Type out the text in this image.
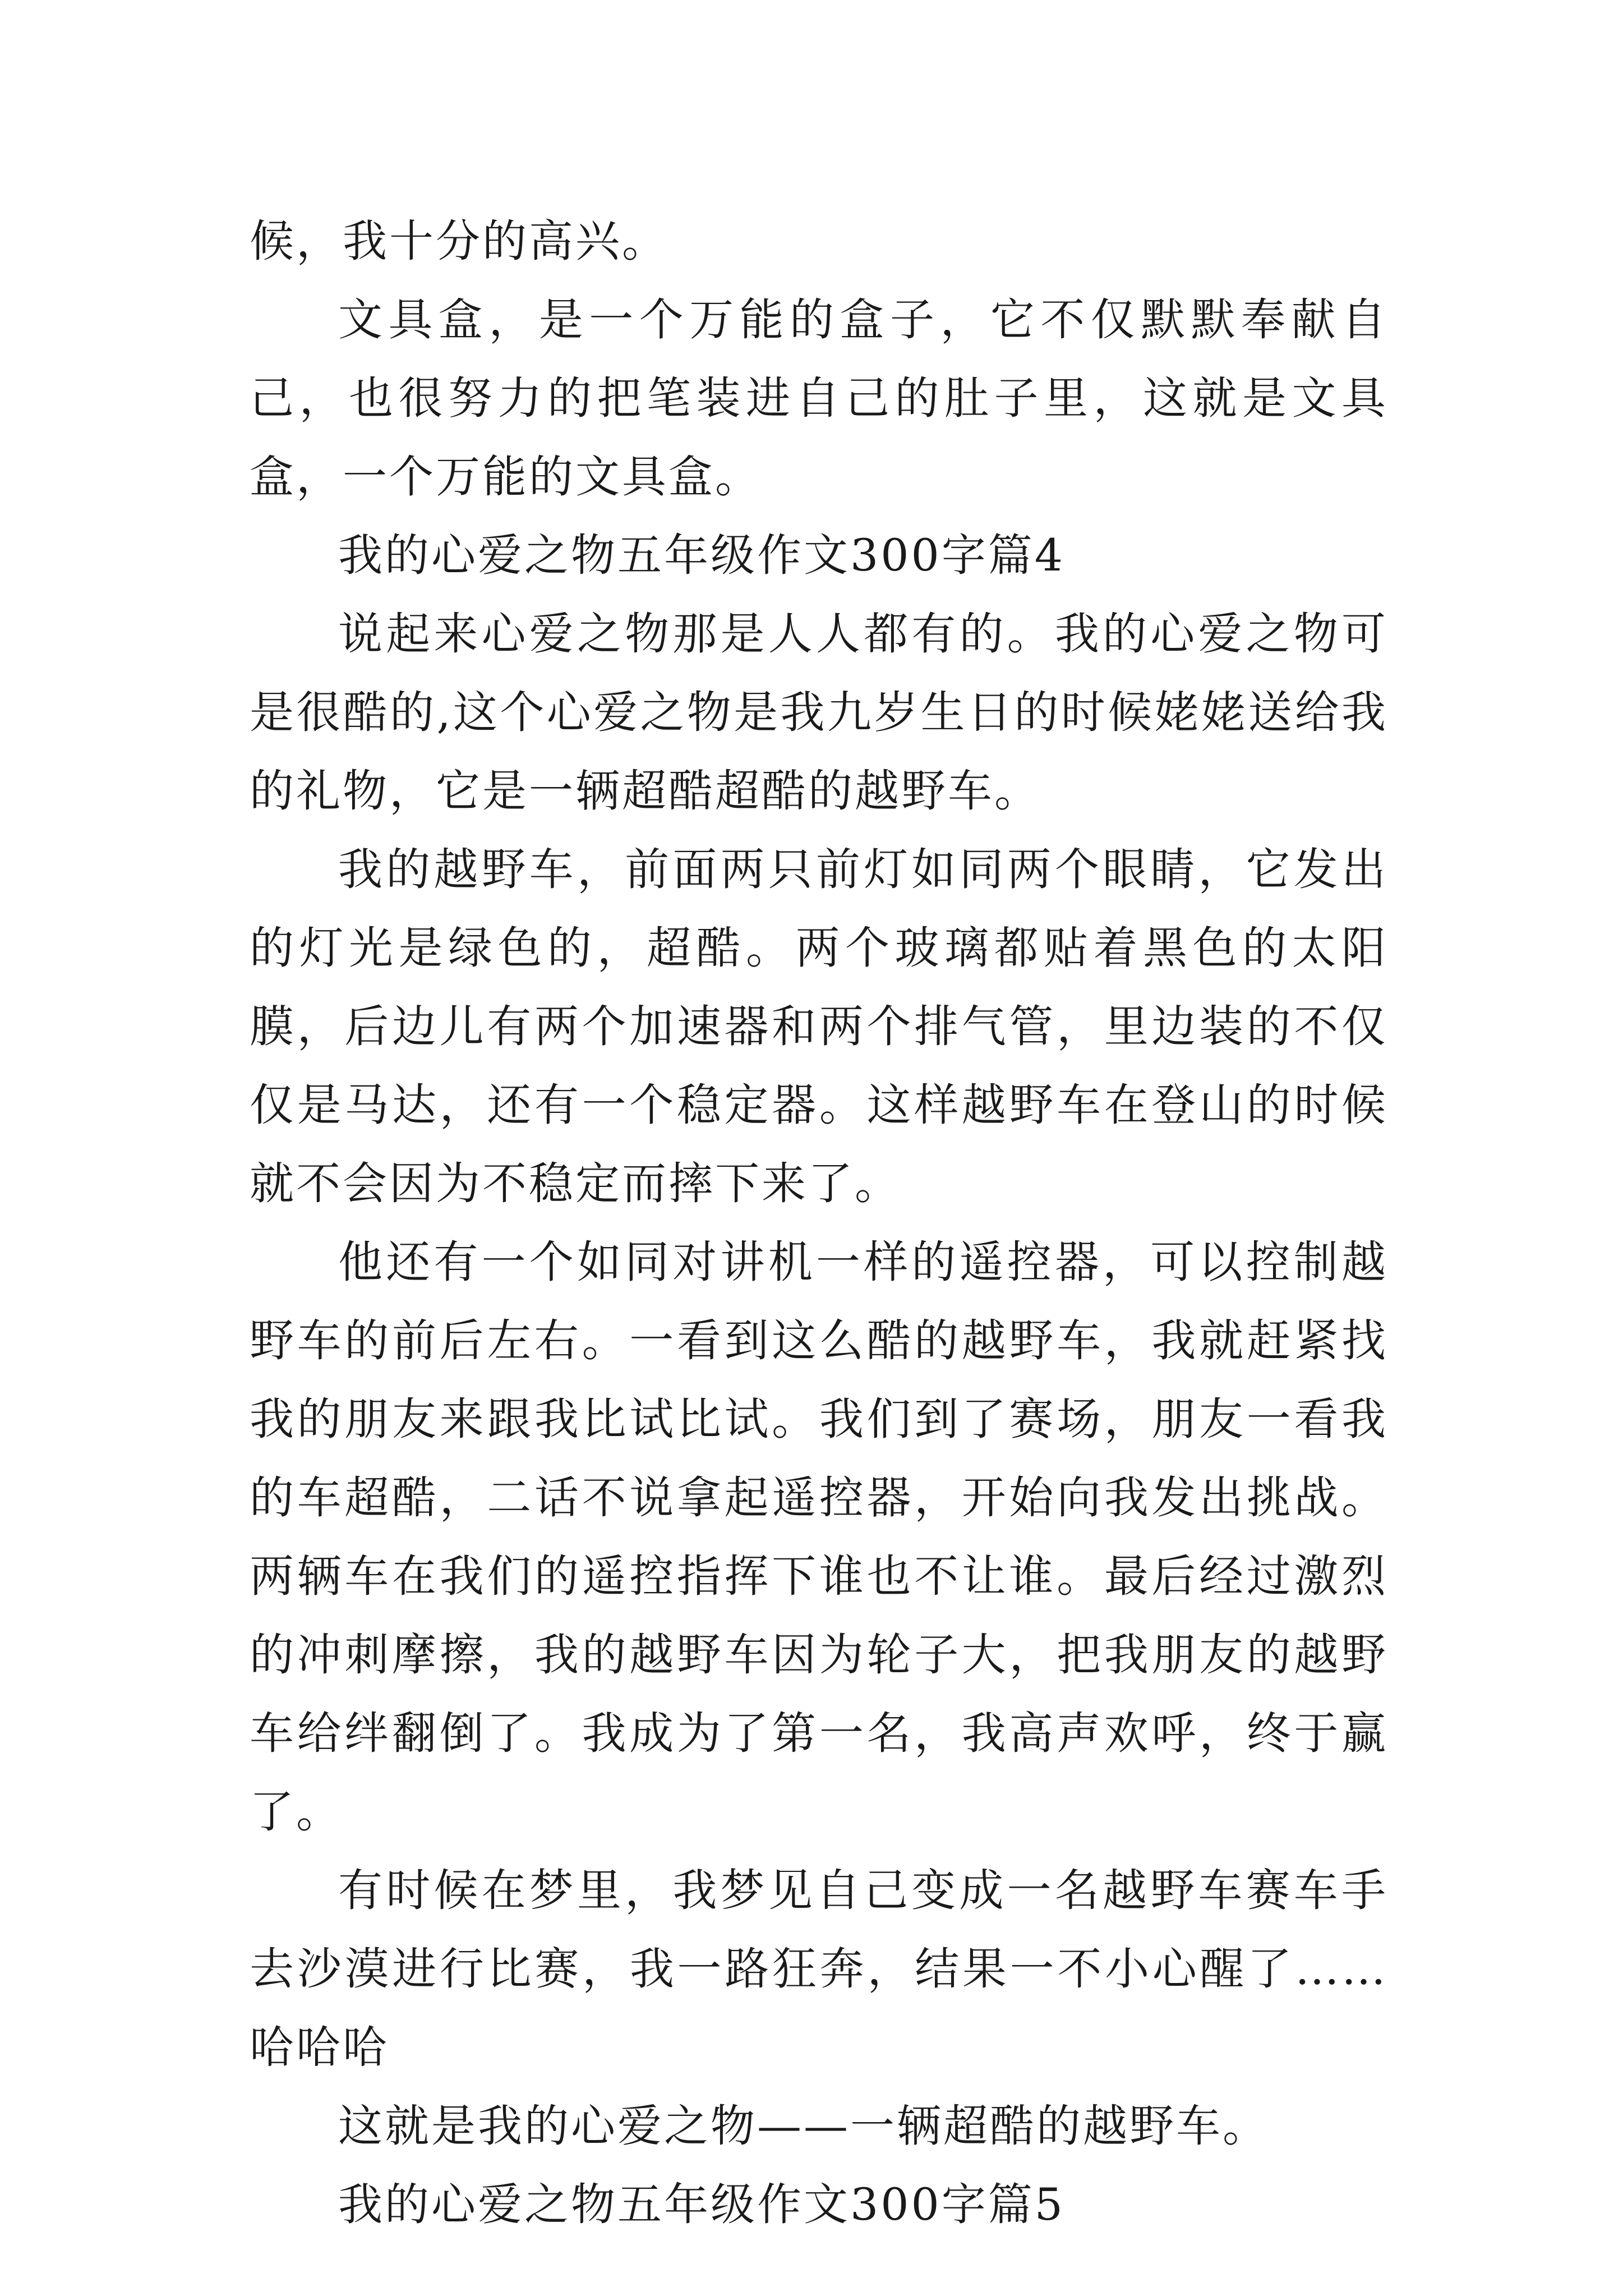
候，我十分的高兴。

文具盒，是一个万能的盒子，它不仅默默奉献自己，也很努力的把笔装进自己的肚子里，这就是文具盒，一个万能的文具盒。

我的心爱之物五年级作文300字篇4

说起来心爱之物那是人人都有的。我的心爱之物可是很酷的,这个心爱之物是我九岁生日的时候姥姥送给我的礼物，它是一辆超酷超酷的越野车。

我的越野车，前面两只前灯如同两个眼睛，它发出的灯光是绿色的，超酷。两个玻璃都贴着黑色的太阳膜，后边儿有两个加速器和两个排气管，里边装的不仅仅是马达，还有一个稳定器。这样越野车在登山的时候就不会因为不稳定而摔下来了。

他还有一个如同对讲机一样的遥控器，可以控制越野车的前后左右。一看到这么酷的越野车，我就赶紧找我的朋友来跟我比试比试。我们到了赛场，朋友一看我的车超酷，二话不说拿起遥控器，开始向我发出挑战。两辆车在我们的遥控指挥下谁也不让谁。最后经过激烈的冲刺摩擦，我的越野车因为轮子大，把我朋友的越野车给绊翻倒了。我成为了第一名，我高声欢呼，终于赢了。

有时候在梦里，我梦见自己变成一名越野车赛车手去沙漠进行比赛，我一路狂奔，结果一不小心醒了……哈哈哈

这就是我的心爱之物——一辆超酷的越野车。

我的心爱之物五年级作文300字篇5
